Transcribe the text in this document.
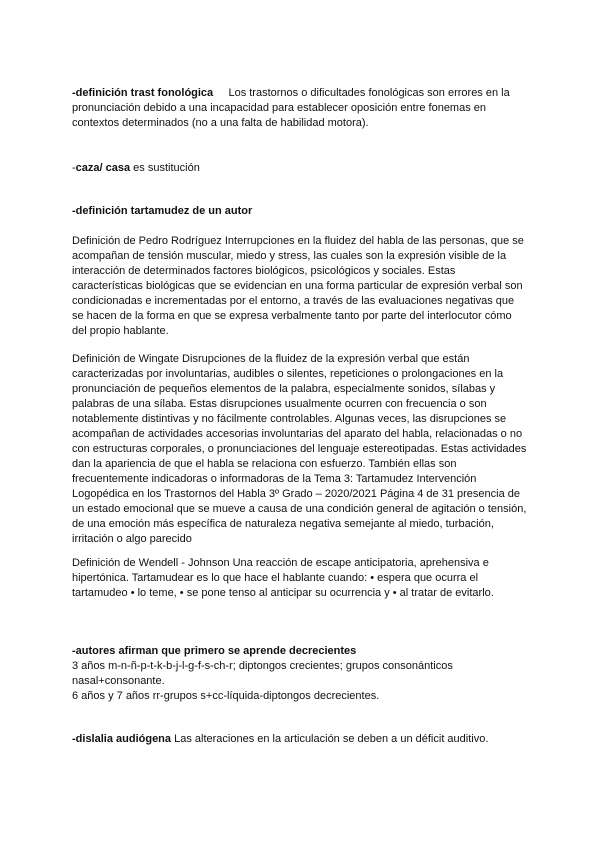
-definición trast fonológica Los trastornos o dificultades fonológicas son errores en la pronunciación debido a una incapacidad para establecer oposición entre fonemas en contextos determinados (no a una falta de habilidad motora).

-caza/ casa es sustitución

-definición tartamudez de un autor

Definición de Pedro Rodríguez Interrupciones en la fluidez del habla de las personas, que se acompañan de tensión muscular, miedo y stress, las cuales son la expresión visible de la interacción de determinados factores biológicos, psicológicos y sociales. Estas características biológicas que se evidencian en una forma particular de expresión verbal son condicionadas e incrementadas por el entorno, a través de las evaluaciones negativas que se hacen de la forma en que se expresa verbalmente tanto por parte del interlocutor cómo del propio hablante.

Definición de Wingate Disrupciones de la fluidez de la expresión verbal que están caracterizadas por involuntarias, audibles o silentes, repeticiones o prolongaciones en la pronunciación de pequeños elementos de la palabra, especialmente sonidos, sílabas y palabras de una sílaba. Estas disrupciones usualmente ocurren con frecuencia o son notablemente distintivas y no fácilmente controlables. Algunas veces, las disrupciones se acompañan de actividades accesorias involuntarias del aparato del habla, relacionadas o no con estructuras corporales, o pronunciaciones del lenguaje estereotipadas. Estas actividades dan la apariencia de que el habla se relaciona con esfuerzo. También ellas son frecuentemente indicadoras o informadoras de la Tema 3: Tartamudez Intervención Logopédica en los Trastornos del Habla 3º Grado – 2020/2021 Página 4 de 31 presencia de un estado emocional que se mueve a causa de una condición general de agitación o tensión, de una emoción más específica de naturaleza negativa semejante al miedo, turbación, irritación o algo parecido

Definición de Wendell - Johnson Una reacción de escape anticipatoria, aprehensiva e hipertónica. Tartamudear es lo que hace el hablante cuando: • espera que ocurra el tartamudeo • lo teme, • se pone tenso al anticipar su ocurrencia y • al tratar de evitarlo.

-autores afirman que primero se aprende decrecientes

3 años m-n-ñ-p-t-k-b-j-l-g-f-s-ch-r; diptongos crecientes; grupos consonánticos nasal+consonante.

6 años y 7 años rr-grupos s+cc-líquida-diptongos decrecientes.

-dislalia audiógena Las alteraciones en la articulación se deben a un déficit auditivo.
